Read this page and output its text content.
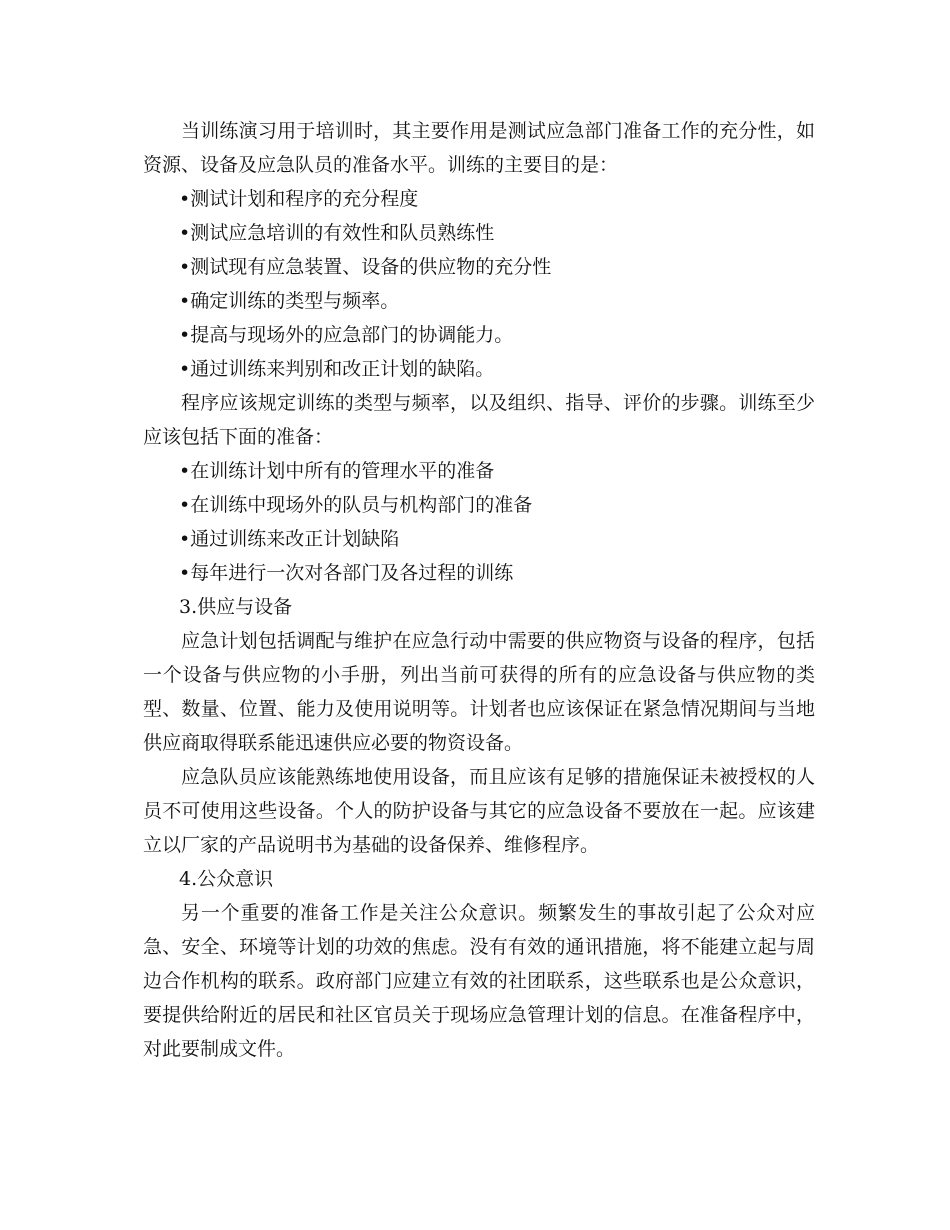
当训练演习用于培训时，其主要作用是测试应急部门准备工作的充分性，如资源、设备及应急队员的准备水平。训练的主要目的是：

•测试计划和程序的充分程度

•测试应急培训的有效性和队员熟练性

•测试现有应急装置、设备的供应物的充分性

•确定训练的类型与频率。

•提高与现场外的应急部门的协调能力。

•通过训练来判别和改正计划的缺陷。

程序应该规定训练的类型与频率，以及组织、指导、评价的步骤。训练至少应该包括下面的准备：

•在训练计划中所有的管理水平的准备

•在训练中现场外的队员与机构部门的准备

•通过训练来改正计划缺陷

•每年进行一次对各部门及各过程的训练

3.供应与设备

应急计划包括调配与维护在应急行动中需要的供应物资与设备的程序，包括一个设备与供应物的小手册，列出当前可获得的所有的应急设备与供应物的类型、数量、位置、能力及使用说明等。计划者也应该保证在紧急情况期间与当地供应商取得联系能迅速供应必要的物资设备。

应急队员应该能熟练地使用设备，而且应该有足够的措施保证未被授权的人员不可使用这些设备。个人的防护设备与其它的应急设备不要放在一起。应该建立以厂家的产品说明书为基础的设备保养、维修程序。

4.公众意识

另一个重要的准备工作是关注公众意识。频繁发生的事故引起了公众对应急、安全、环境等计划的功效的焦虑。没有有效的通讯措施，将不能建立起与周边合作机构的联系。政府部门应建立有效的社团联系，这些联系也是公众意识，要提供给附近的居民和社区官员关于现场应急管理计划的信息。在准备程序中，对此要制成文件。
